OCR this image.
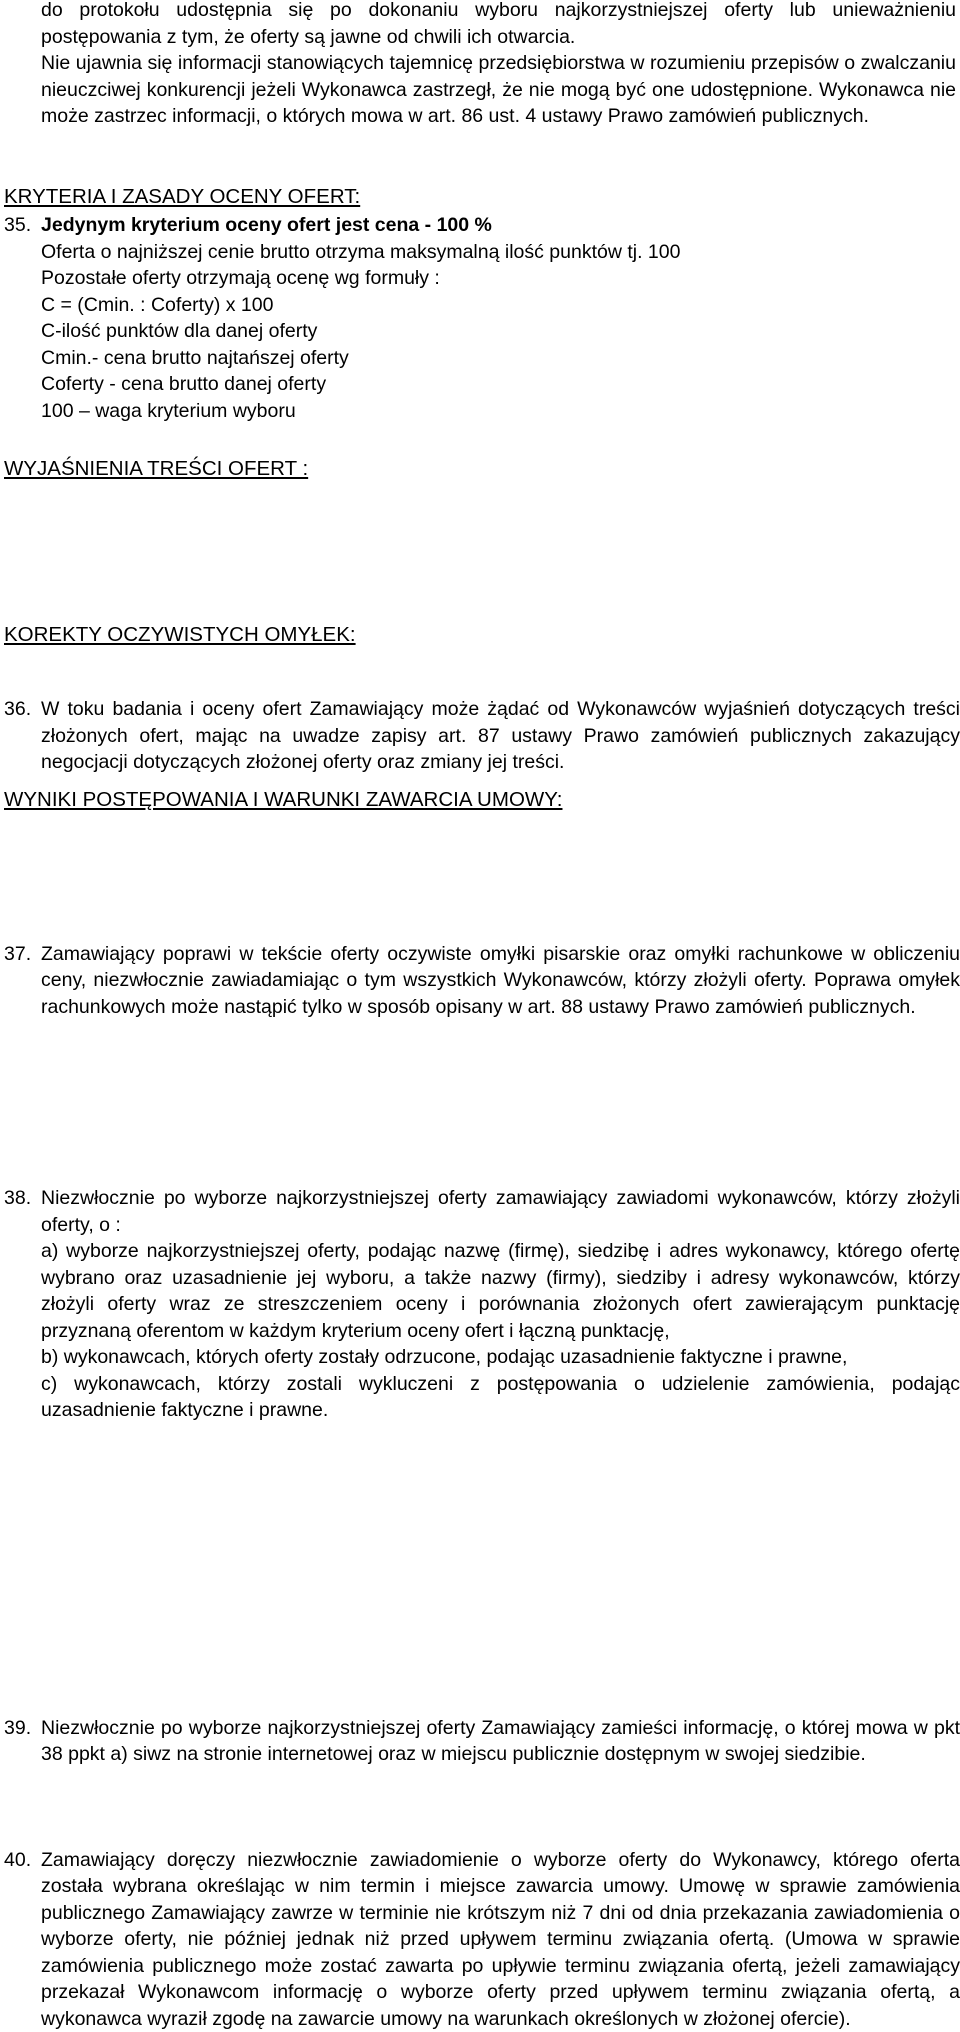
do protokołu udostępnia się po dokonaniu wyboru najkorzystniejszej oferty lub unieważnieniu postępowania z tym, że oferty są jawne od chwili ich otwarcia.

Nie ujawnia się informacji stanowiących tajemnicę przedsiębiorstwa w rozumieniu przepisów o zwalczaniu nieuczciwej konkurencji jeżeli Wykonawca zastrzegł, że nie mogą być one udostępnione. Wykonawca nie może zastrzec informacji, o których mowa w art. 86 ust. 4 ustawy Prawo zamówień publicznych.

KRYTERIA I ZASADY OCENY OFERT:
35. Jedynym kryterium oceny ofert jest cena - 100 %

Oferta o najniższej cenie brutto otrzyma maksymalną ilość punktów tj. 100

Pozostałe oferty otrzymają ocenę wg formuły :

C = (Cmin. : Coferty) x 100

C-ilość punktów dla danej oferty

Cmin.- cena brutto najtańszej oferty

Coferty - cena brutto danej oferty

100 – waga kryterium wyboru

WYJAŚNIENIA TREŚCI OFERT :
36. W toku badania i oceny ofert Zamawiający może żądać od Wykonawców wyjaśnień dotyczących treści złożonych ofert, mając na uwadze zapisy art. 87 ustawy Prawo zamówień publicznych zakazujący negocjacji dotyczących złożonej oferty oraz zmiany jej treści.

KOREKTY OCZYWISTYCH OMYŁEK:
37. Zamawiający poprawi w tekście oferty oczywiste omyłki pisarskie oraz omyłki rachunkowe w obliczeniu ceny, niezwłocznie zawiadamiając o tym wszystkich Wykonawców, którzy złożyli oferty. Poprawa omyłek rachunkowych może nastąpić tylko w sposób opisany w art. 88 ustawy Prawo zamówień publicznych.

WYNIKI POSTĘPOWANIA I WARUNKI ZAWARCIA UMOWY:
38. Niezwłocznie po wyborze najkorzystniejszej oferty zamawiający zawiadomi wykonawców, którzy złożyli oferty, o :

a) wyborze najkorzystniejszej oferty, podając nazwę (firmę), siedzibę i adres wykonawcy, którego ofertę wybrano oraz uzasadnienie jej wyboru, a także nazwy (firmy), siedziby i adresy wykonawców, którzy złożyli oferty wraz ze streszczeniem oceny i porównania złożonych ofert zawierającym punktację przyznaną oferentom w każdym kryterium oceny ofert i łączną punktację,

b) wykonawcach, których oferty zostały odrzucone, podając uzasadnienie faktyczne i prawne,

c) wykonawcach, którzy zostali wykluczeni z postępowania o udzielenie zamówienia, podając uzasadnienie faktyczne i prawne.

39. Niezwłocznie po wyborze najkorzystniejszej oferty Zamawiający zamieści informację, o której mowa w pkt 38 ppkt a) siwz na stronie internetowej oraz w miejscu publicznie dostępnym w swojej siedzibie.

40. Zamawiający doręczy niezwłocznie zawiadomienie o wyborze oferty do Wykonawcy, którego oferta została wybrana określając w nim termin i miejsce zawarcia umowy. Umowę w sprawie zamówienia publicznego Zamawiający zawrze w terminie nie krótszym niż 7 dni od dnia przekazania zawiadomienia o wyborze oferty, nie później jednak niż przed upływem terminu związania ofertą. (Umowa w sprawie zamówienia publicznego może zostać zawarta po upływie terminu związania ofertą, jeżeli zamawiający przekazał Wykonawcom informację o wyborze oferty przed upływem terminu związania ofertą, a wykonawca wyraził zgodę na zawarcie umowy na warunkach określonych w złożonej ofercie).
